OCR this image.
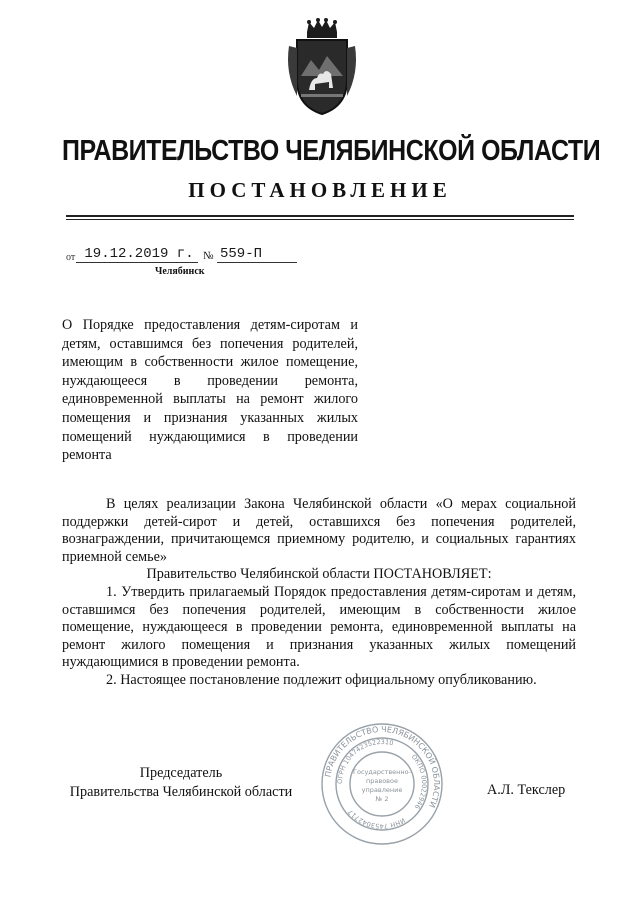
ПРАВИТЕЛЬСТВО ЧЕЛЯБИНСКОЙ ОБЛАСТИ
ПОСТАНОВЛЕНИЕ
от 19.12.2019 г. № 559-П
Челябинск
О Порядке предоставления детям-сиротам и детям, оставшимся без попечения родителей, имеющим в собственности жилое помещение, нуждающееся в проведении ремонта, единовременной выплаты на ремонт жилого помещения и признания указанных жилых помещений нуждающимися в проведении ремонта

В целях реализации Закона Челябинской области «О мерах социальной поддержки детей-сирот и детей, оставшихся без попечения родителей, вознаграждении, причитающемся приемному родителю, и социальных гарантиях приемной семье»

Правительство Челябинской области ПОСТАНОВЛЯЕТ:

1. Утвердить прилагаемый Порядок предоставления детям-сиротам и детям, оставшимся без попечения родителей, имеющим в собственности жилое помещение, нуждающееся в проведении ремонта, единовременной выплаты на ремонт жилого помещения и признания указанных жилых помещений нуждающимися в проведении ремонта.

2. Настоящее постановление подлежит официальному опубликованию.

Председатель
Правительства Челябинской области	А.Л. Текслер
ПРАВИТЕЛЬСТВО ЧЕЛЯБИНСКОЙ ОБЛАСТИ
ОГРН 1047423522310
ОКПО 00022946
ИНН 7453042717
Государственно-
правовое
управление
№ 2
